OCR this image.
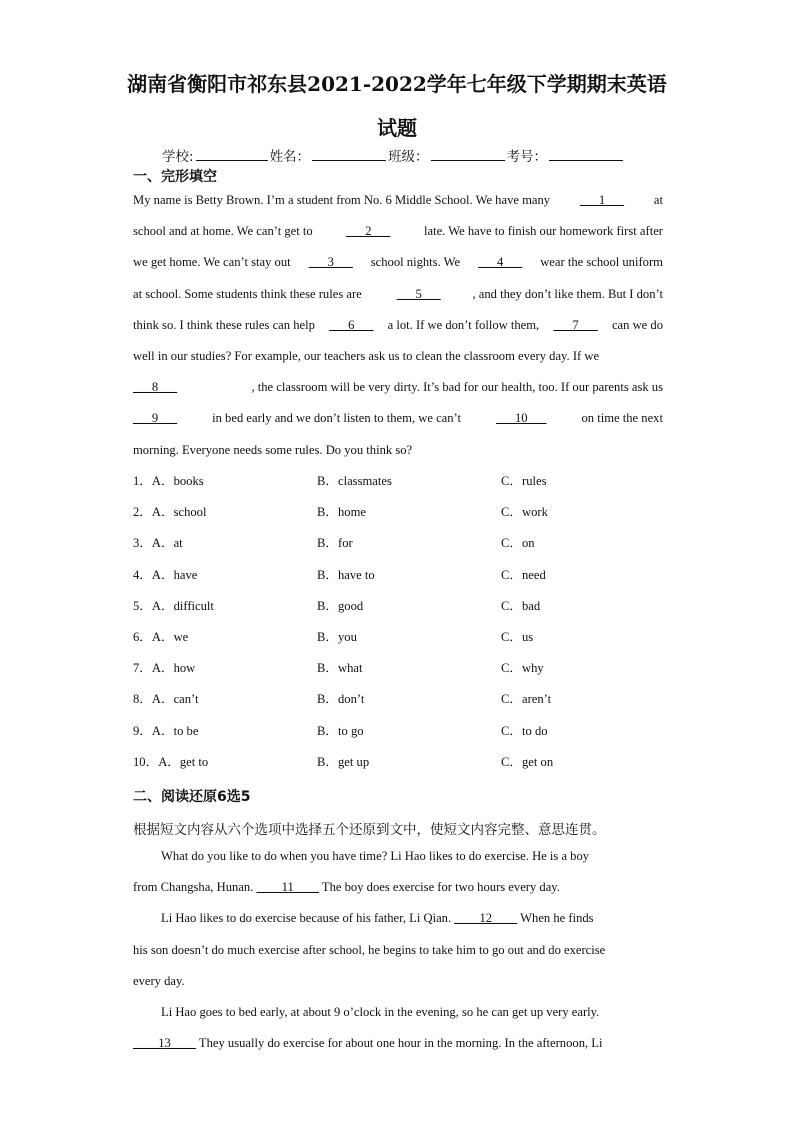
湖南省衡阳市祁东县2021-2022学年七年级下学期期末英语
试题
学校:	姓名：	班级：	考号：
一、完形填空
My name is Betty Brown. I’m a student from No. 6 Middle School. We have many ___1___ at
school and at home. We can’t get to ___2___ late. We have to finish our homework first after
we get home. We can’t stay out ___3___ school nights. We ___4___ wear the school uniform
at school. Some students think these rules are	___5___	, and they don’t like them. But I don’t
think so. I think these rules can help ___6___ a lot. If we don’t follow them, ___7___ can we do
well in our studies? For example, our teachers ask us to clean the classroom every day. If we
___8___	, the classroom will be very dirty. It’s bad for our health, too. If our parents ask us
___9___	in bed early and we don’t listen to them, we can’t	___10___	on time the next
morning. Everyone needs some rules. Do you think so?
1．A．books	B．classmates	C．rules
2．A．school	B．home	C．work
3．A．at	B．for	C．on
4．A．have	B．have to	C．need
5．A．difficult	B．good	C．bad
6．A．we	B．you	C．us
7．A．how	B．what	C．why
8．A．can’t	B．don’t	C．aren’t
9．A．to be	B．to go	C．to do
10．A．get to	B．get up	C．get on
二、阅读还原6选5

根据短文内容从六个选项中选择五个还原到文中，使短文内容完整、意思连贯。

What do you like to do when you have time? Li Hao likes to do exercise. He is a boy
from Changsha, Hunan. ____11____ The boy does exercise for two hours every day.
Li Hao likes to do exercise because of his father, Li Qian. ____12____ When he finds
his son doesn’t do much exercise after school, he begins to take him to go out and do exercise
every day.
Li Hao goes to bed early, at about 9 o’clock in the evening, so he can get up very early.
____13____ They usually do exercise for about one hour in the morning. In the afternoon, Li
